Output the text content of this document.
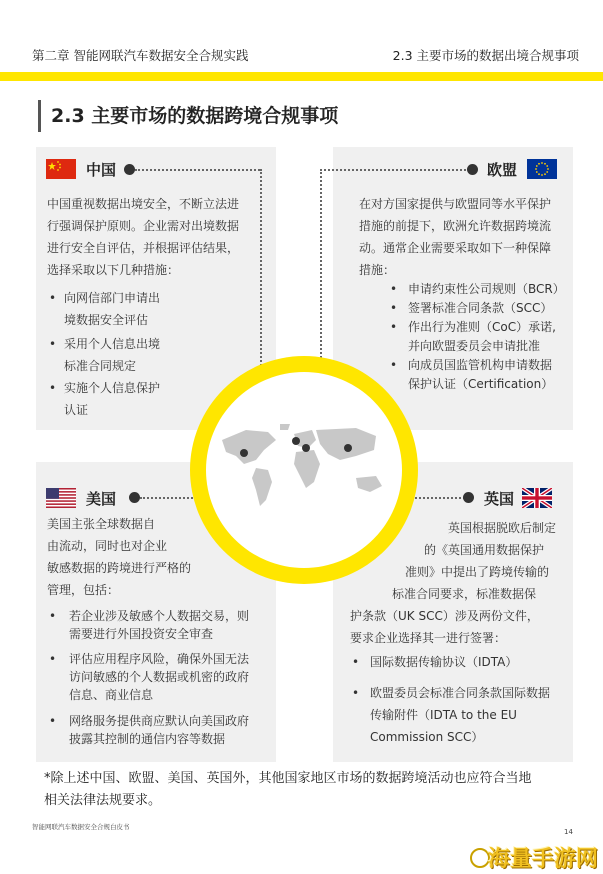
第二章 智能网联汽车数据安全合规实践	2.3 主要市场的数据出境合规事项
2.3 主要市场的数据跨境合规事项
中国
中国重视数据出境安全，不断立法进
行强调保护原则。企业需对出境数据
进行安全自评估，并根据评估结果，
选择采取以下几种措施：
• 向网信部门申请出
境数据安全评估
• 采用个人信息出境
标准合同规定
• 实施个人信息保护
认证
欧盟
在对方国家提供与欧盟同等水平保护
措施的前提下，欧洲允许数据跨境流
动。通常企业需要采取如下一种保障
措施：
• 申请约束性公司规则（BCR）
• 签署标准合同条款（SCC）
• 作出行为准则（CoC）承诺,
并向欧盟委员会申请批准
• 向成员国监管机构申请数据
保护认证（Certification）
美国
美国主张全球数据自
由流动，同时也对企业
敏感数据的跨境进行严格的
管理，包括：
• 若企业涉及敏感个人数据交易，则
需要进行外国投资安全审查
• 评估应用程序风险，确保外国无法
访问敏感的个人数据或机密的政府
信息、商业信息
• 网络服务提供商应默认向美国政府
披露其控制的通信内容等数据
英国
英国根据脱欧后制定
的《英国通用数据保护
准则》中提出了跨境传输的
标准合同要求，标准数据保
护条款（UK SCC）涉及两份文件，
要求企业选择其一进行签署：
• 国际数据传输协议（IDTA）
• 欧盟委员会标准合同条款国际数据
传输附件（IDTA to the EU
Commission SCC）
*除上述中国、欧盟、美国、英国外，其他国家地区市场的数据跨境活动也应符合当地
相关法律法规要求。
智能网联汽车数据安全合规白皮书
14
海量手游网
